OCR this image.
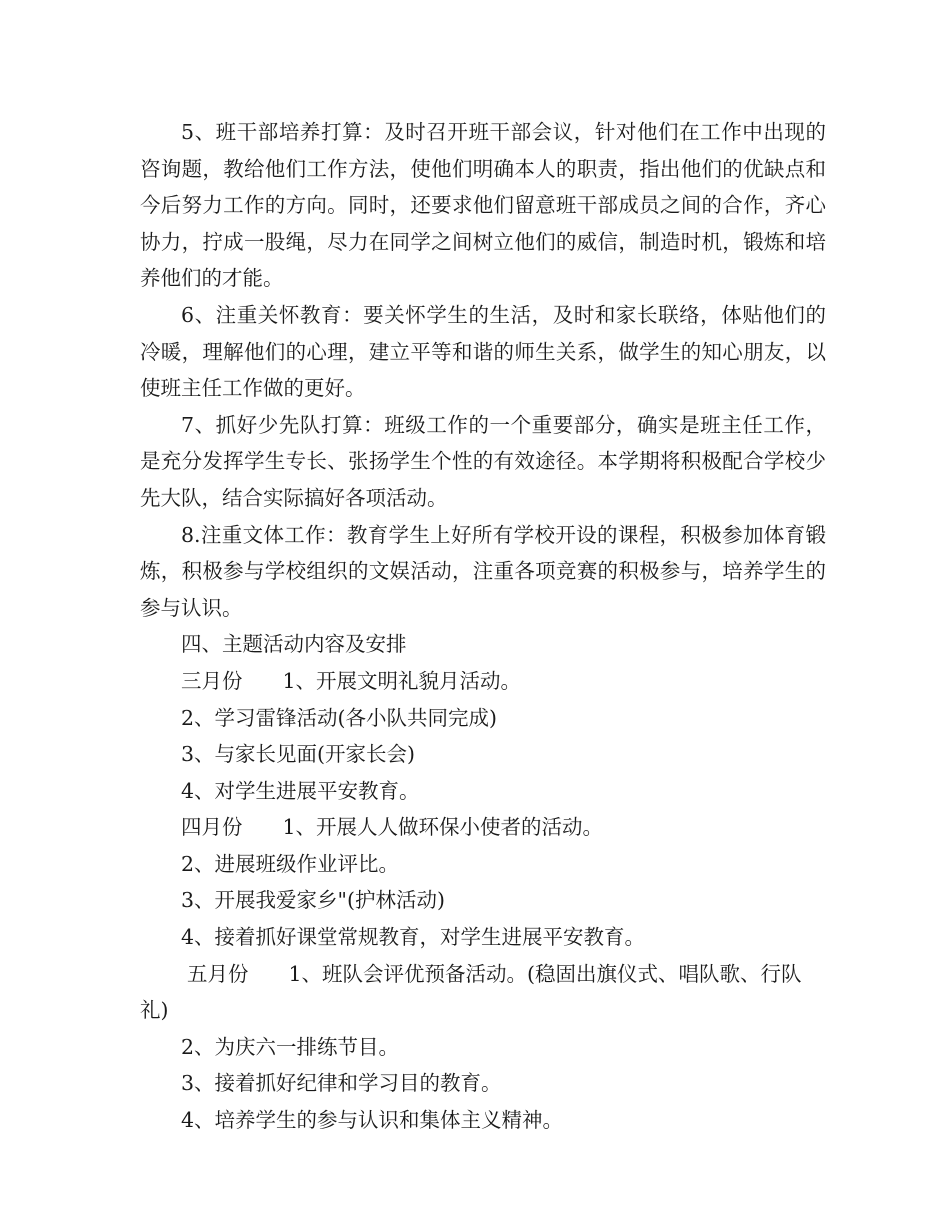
5、班干部培养打算：及时召开班干部会议，针对他们在工作中出现的咨询题，教给他们工作方法，使他们明确本人的职责，指出他们的优缺点和今后努力工作的方向。同时，还要求他们留意班干部成员之间的合作，齐心协力，拧成一股绳，尽力在同学之间树立他们的威信，制造时机，锻炼和培养他们的才能。

6、注重关怀教育：要关怀学生的生活，及时和家长联络，体贴他们的冷暖，理解他们的心理，建立平等和谐的师生关系，做学生的知心朋友，以使班主任工作做的更好。

7、抓好少先队打算：班级工作的一个重要部分，确实是班主任工作，是充分发挥学生专长、张扬学生个性的有效途径。本学期将积极配合学校少先大队，结合实际搞好各项活动。

8.注重文体工作：教育学生上好所有学校开设的课程，积极参加体育锻炼，积极参与学校组织的文娱活动，注重各项竞赛的积极参与，培养学生的参与认识。

四、主题活动内容及安排

三月份 1、开展文明礼貌月活动。

2、学习雷锋活动(各小队共同完成)

3、与家长见面(开家长会)

4、对学生进展平安教育。

四月份 1、开展人人做环保小使者的活动。

2、进展班级作业评比。

3、开展我爱家乡"(护林活动)

4、接着抓好课堂常规教育，对学生进展平安教育。

五月份 1、班队会评优预备活动。(稳固出旗仪式、唱队歌、行队礼)

2、为庆六一排练节目。

3、接着抓好纪律和学习目的教育。

4、培养学生的参与认识和集体主义精神。
